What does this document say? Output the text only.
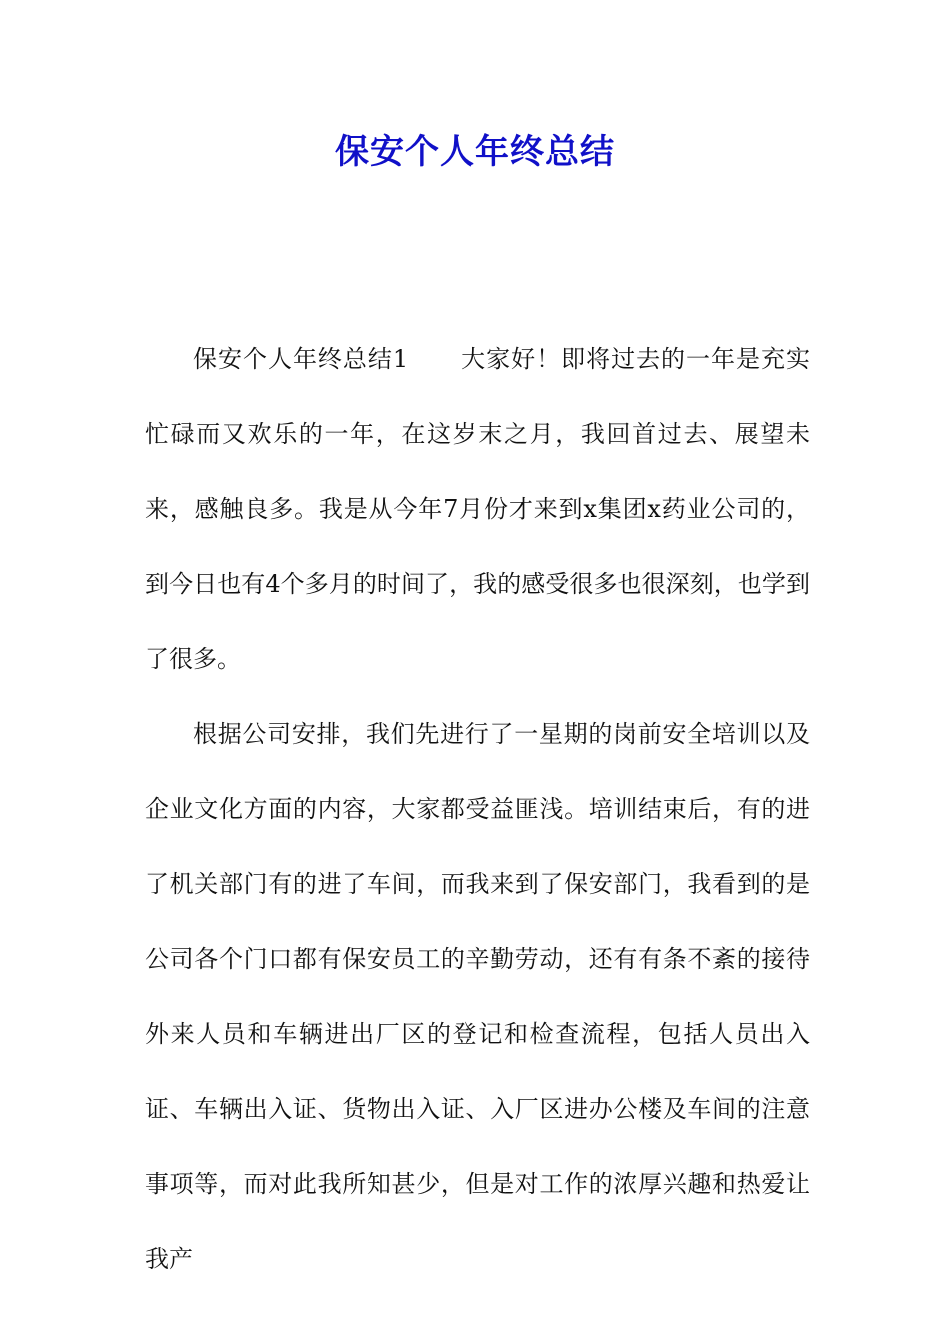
保安个人年终总结

保安个人年终总结1 大家好！即将过去的一年是充实忙碌而又欢乐的一年，在这岁末之月，我回首过去、展望未来，感触良多。我是从今年7月份才来到x集团x药业公司的，到今日也有4个多月的时间了，我的感受很多也很深刻，也学到了很多。

根据公司安排，我们先进行了一星期的岗前安全培训以及企业文化方面的内容，大家都受益匪浅。培训结束后，有的进了机关部门有的进了车间，而我来到了保安部门，我看到的是公司各个门口都有保安员工的辛勤劳动，还有有条不紊的接待外来人员和车辆进出厂区的登记和检查流程，包括人员出入证、车辆出入证、货物出入证、入厂区进办公楼及车间的注意事项等，而对此我所知甚少，但是对工作的浓厚兴趣和热爱让我产
